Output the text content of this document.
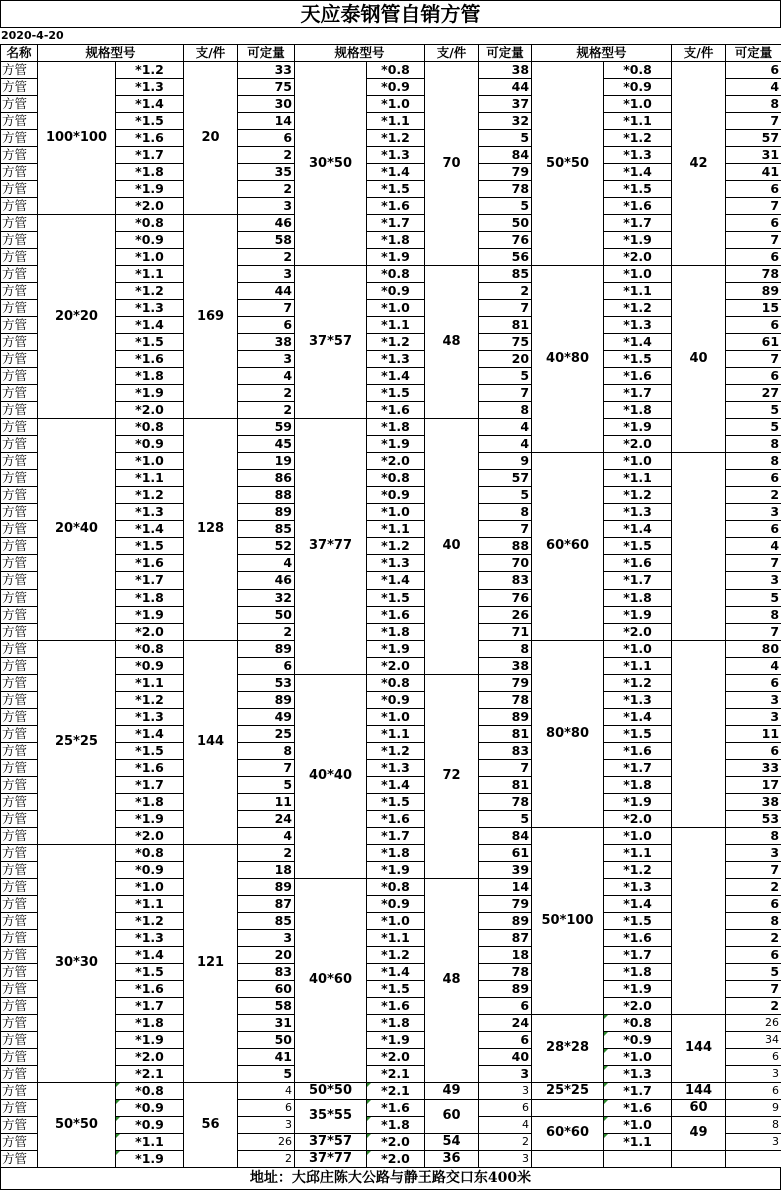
天应泰钢管自销方管
2020-4-20
名称	规格型号		支/件	可定量	规格型号		支/件	可定量	规格型号		支/件	可定量
方管	100*100	*1.2	20	33	30*50	*0.8	70	38	50*50	*0.8	42	6
方管		*1.3		75		*0.9		44		*0.9		4
方管		*1.4		30		*1.0		37		*1.0		8
方管		*1.5		14		*1.1		32		*1.1		7
方管		*1.6		6		*1.2		5		*1.2		57
方管		*1.7		2		*1.3		84		*1.3		31
方管		*1.8		35		*1.4		79		*1.4		41
方管		*1.9		2		*1.5		78		*1.5		6
方管		*2.0		3		*1.6		5		*1.6		7
方管	20*20	*0.8	169	46		*1.7		50		*1.7		6
方管		*0.9		58		*1.8		76		*1.9		7
方管		*1.0		2		*1.9		56		*2.0		6
方管		*1.1		3	37*57	*0.8	48	85	40*80	*1.0	40	78
方管		*1.2		44		*0.9		2		*1.1		89
方管		*1.3		7		*1.0		7		*1.2		15
方管		*1.4		6		*1.1		81		*1.3		6
方管		*1.5		38		*1.2		75		*1.4		61
方管		*1.6		3		*1.3		20		*1.5		7
方管		*1.8		4		*1.4		5		*1.6		6
方管		*1.9		2		*1.5		7		*1.7		27
方管		*2.0		2		*1.6		8		*1.8		5
方管	20*40	*0.8	128	59	37*77	*1.8	40	4		*1.9		5
方管		*0.9		45		*1.9		4		*2.0		8
方管		*1.0		19		*2.0		9	60*60	*1.0		8
方管		*1.1		86		*0.8		57		*1.1		6
方管		*1.2		88		*0.9		5		*1.2		2
方管		*1.3		89		*1.0		8		*1.3		3
方管		*1.4		85		*1.1		7		*1.4		6
方管		*1.5		52		*1.2		88		*1.5		4
方管		*1.6		4		*1.3		70		*1.6		7
方管		*1.7		46		*1.4		83		*1.7		3
方管		*1.8		32		*1.5		76		*1.8		5
方管		*1.9		50		*1.6		26		*1.9		8
方管		*2.0		2		*1.8		71		*2.0		7
方管	25*25	*0.8	144	89		*1.9		8	80*80	*1.0		80
方管		*0.9		6		*2.0		38		*1.1		4
方管		*1.1		53	40*40	*0.8	72	79		*1.2		6
方管		*1.2		89		*0.9		78		*1.3		3
方管		*1.3		49		*1.0		89		*1.4		3
方管		*1.4		25		*1.1		81		*1.5		11
方管		*1.5		8		*1.2		83		*1.6		6
方管		*1.6		7		*1.3		7		*1.7		33
方管		*1.7		5		*1.4		81		*1.8		17
方管		*1.8		11		*1.5		78		*1.9		38
方管		*1.9		24		*1.6		5		*2.0		53
方管		*2.0		4		*1.7		84	50*100	*1.0		8
方管	30*30	*0.8	121	2		*1.8		61		*1.1		3
方管		*0.9		18		*1.9		39		*1.2		7
方管		*1.0		89	40*60	*0.8	48	14		*1.3		2
方管		*1.1		87		*0.9		79		*1.4		6
方管		*1.2		85		*1.0		89		*1.5		8
方管		*1.3		3		*1.1		87		*1.6		2
方管		*1.4		20		*1.2		18		*1.7		6
方管		*1.5		83		*1.4		78		*1.8		5
方管		*1.6		60		*1.5		89		*1.9		7
方管		*1.7		58		*1.6		6		*2.0		2
方管		*1.8		31		*1.8		24	28*28	*0.8	144	26
方管		*1.9		50		*1.9		6		*0.9		34
方管		*2.0		41		*2.0		40		*1.0		6
方管		*2.1		5		*2.1		3		*1.3		3
方管	50*50	*0.8	56	4	50*50	*2.1	49	3	25*25	*1.7	144	6
方管		*0.9		6	35*55	*1.6	60	6		*1.6	60	9
方管		*0.9		3		*1.8		4	60*60	*1.0	49	8
方管		*1.1		26	37*57	*2.0	54	2		*1.1		3
方管		*1.9		2	37*77	*2.0	36	3				
地址：大邱庄陈大公路与静王路交口东400米
